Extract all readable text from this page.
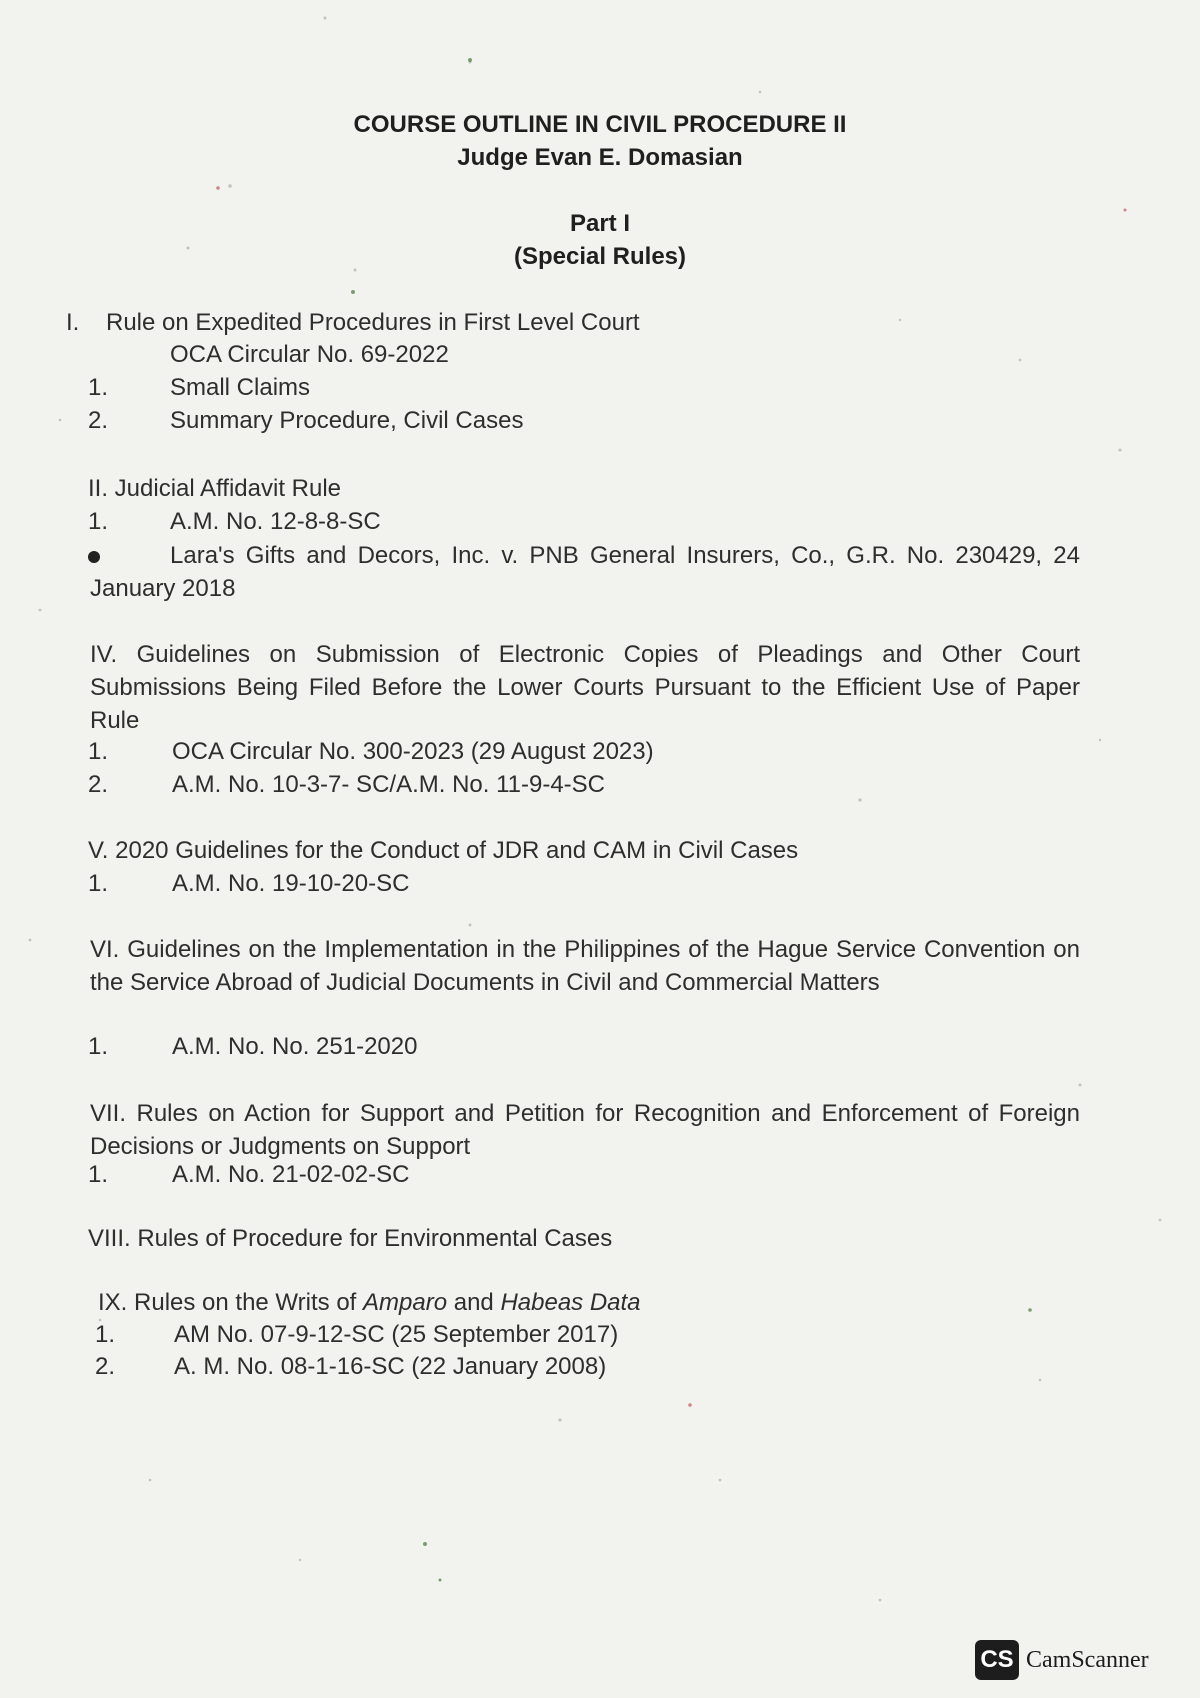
COURSE OUTLINE IN CIVIL PROCEDURE II
Judge Evan E. Domasian
Part I
(Special Rules)
I. Rule on Expedited Procedures in First Level Court
OCA Circular No. 69-2022
1.	Small Claims
2.	Summary Procedure, Civil Cases
II. Judicial Affidavit Rule
1.	A.M. No. 12-8-8-SC
Lara's Gifts and Decors, Inc. v. PNB General Insurers, Co., G.R. No. 230429, 24 January 2018
IV. Guidelines on Submission of Electronic Copies of Pleadings and Other Court Submissions Being Filed Before the Lower Courts Pursuant to the Efficient Use of Paper Rule
1.	OCA Circular No. 300-2023 (29 August 2023)
2.	A.M. No. 10-3-7- SC/A.M. No. 11-9-4-SC
V. 2020 Guidelines for the Conduct of JDR and CAM in Civil Cases
1.	A.M. No. 19-10-20-SC
VI. Guidelines on the Implementation in the Philippines of the Hague Service Convention on the Service Abroad of Judicial Documents in Civil and Commercial Matters
1.	A.M. No. No. 251-2020
VII. Rules on Action for Support and Petition for Recognition and Enforcement of Foreign Decisions or Judgments on Support
1.	A.M. No. 21-02-02-SC
VIII. Rules of Procedure for Environmental Cases
IX. Rules on the Writs of Amparo and Habeas Data
1. AM No. 07-9-12-SC (25 September 2017)
2. A. M. No. 08-1-16-SC (22 January 2008)
CS CamScanner
